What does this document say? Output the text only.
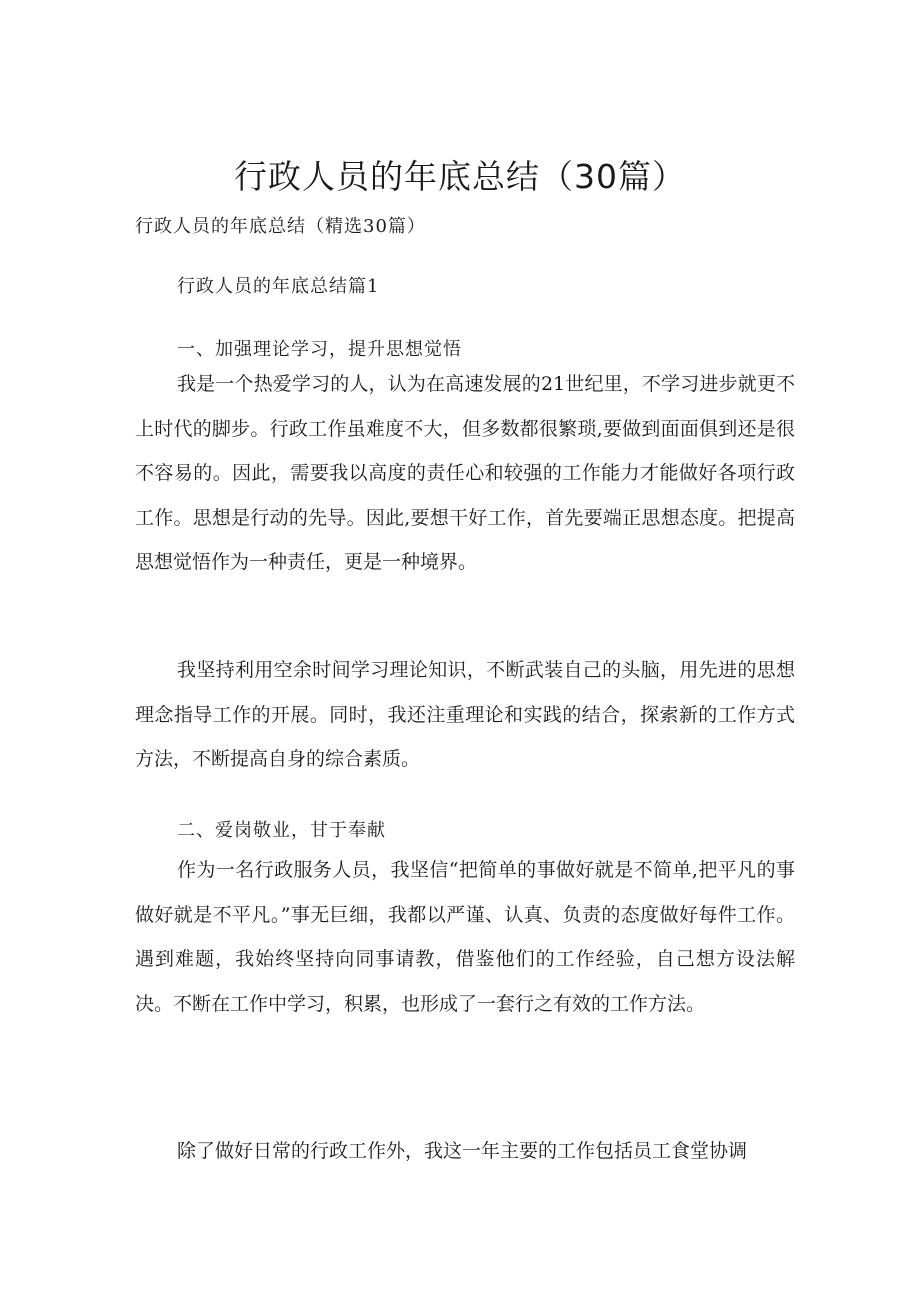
行政人员的年底总结（30篇）

行政人员的年底总结（精选30篇）

行政人员的年底总结篇1

一、加强理论学习，提升思想觉悟

我是一个热爱学习的人，认为在高速发展的21世纪里，不学习进步就更不上时代的脚步。行政工作虽难度不大，但多数都很繁琐,要做到面面俱到还是很不容易的。因此，需要我以高度的责任心和较强的工作能力才能做好各项行政工作。思想是行动的先导。因此,要想干好工作，首先要端正思想态度。把提高思想觉悟作为一种责任，更是一种境界。

我坚持利用空余时间学习理论知识，不断武装自己的头脑，用先进的思想理念指导工作的开展。同时，我还注重理论和实践的结合，探索新的工作方式方法，不断提高自身的综合素质。

二、爱岗敬业，甘于奉献

作为一名行政服务人员，我坚信“把简单的事做好就是不简单,把平凡的事做好就是不平凡。”事无巨细，我都以严谨、认真、负责的态度做好每件工作。遇到难题，我始终坚持向同事请教，借鉴他们的工作经验，自己想方设法解决。不断在工作中学习，积累，也形成了一套行之有效的工作方法。

除了做好日常的行政工作外，我这一年主要的工作包括员工食堂协调
